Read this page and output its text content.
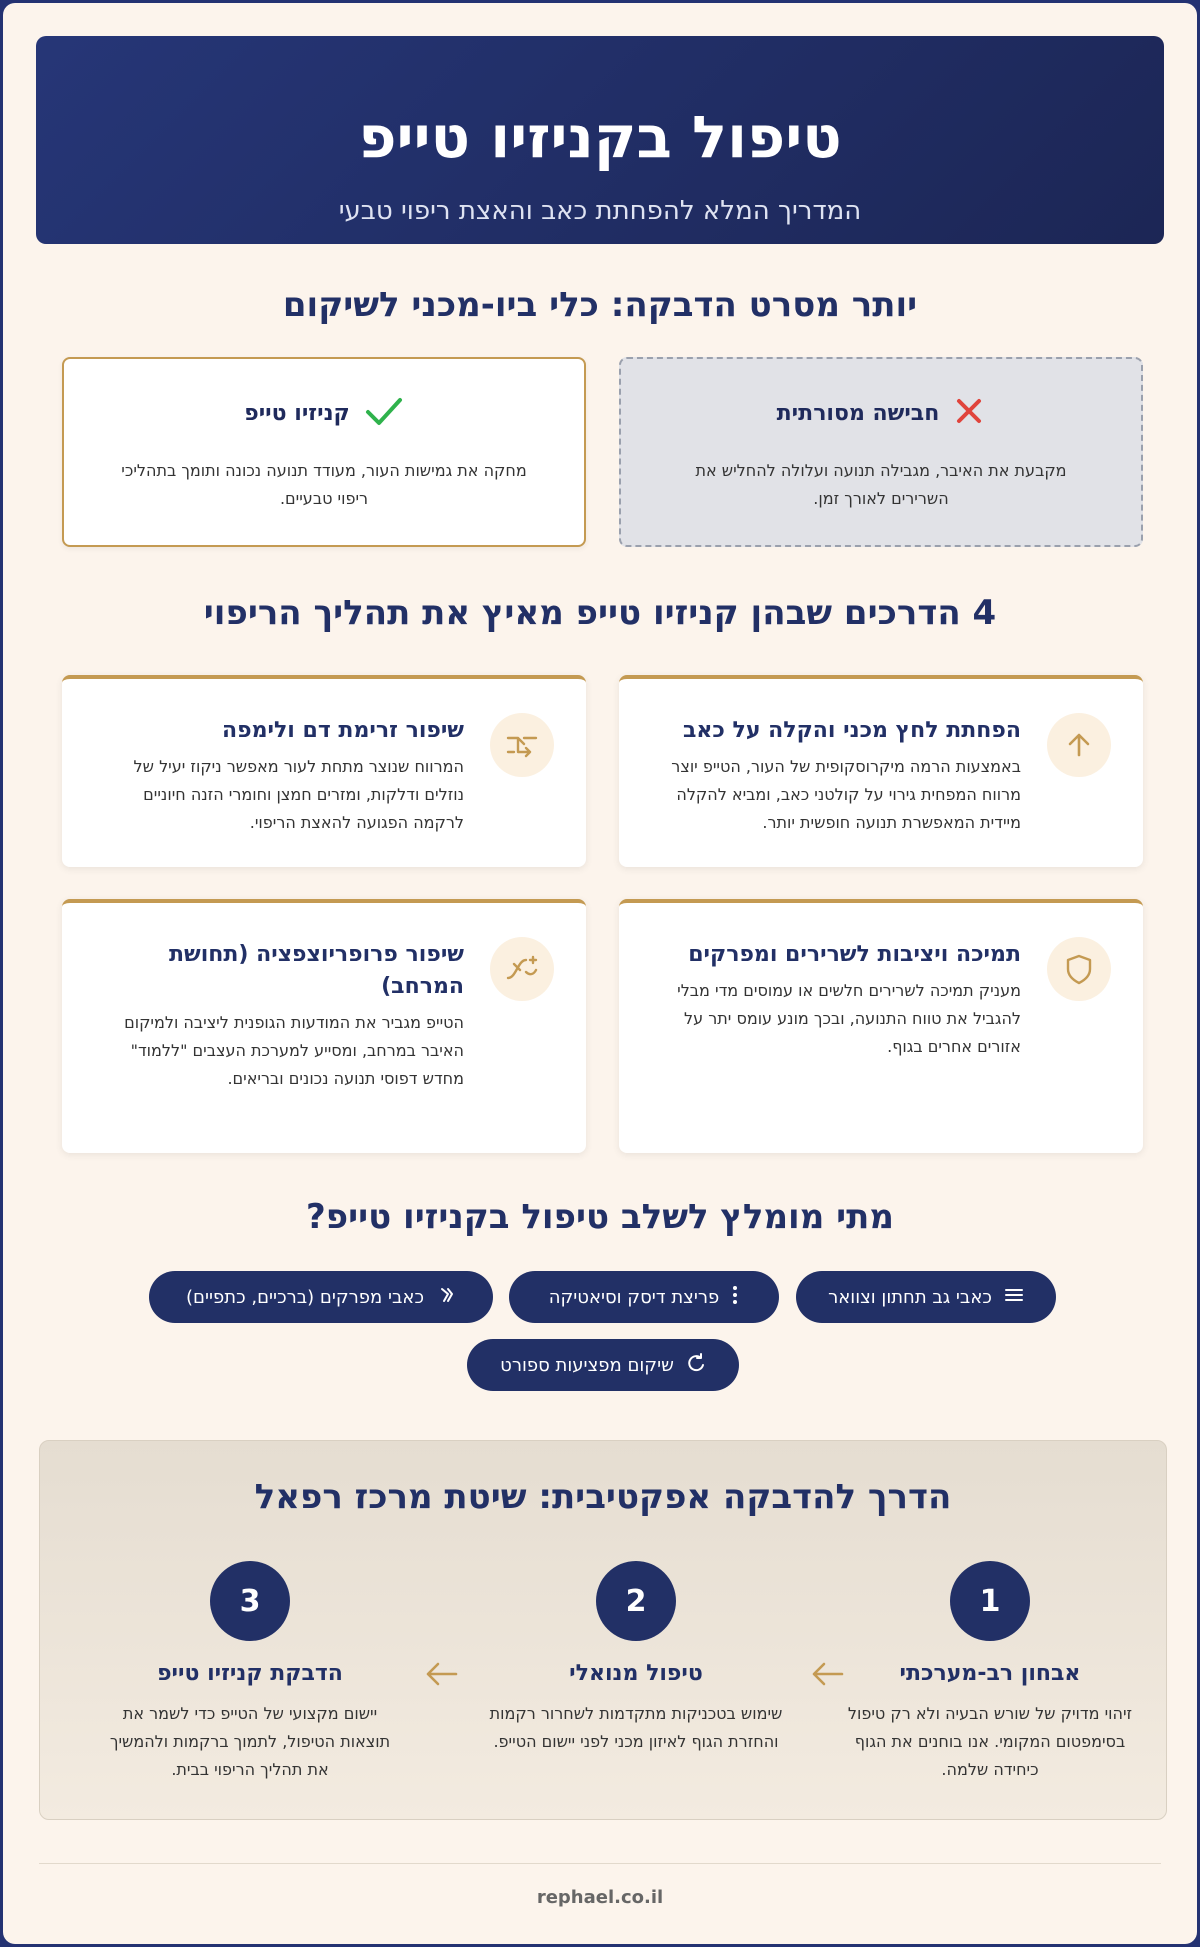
טיפול בקניזיו טייפ

המדריך המלא להפחתת כאב והאצת ריפוי טבעי

יותר מסרט הדבקה: כלי ביו-מכני לשיקום
חבישה מסורתית
מקבעת את האיבר, מגבילה תנועה ועלולה להחליש את השרירים לאורך זמן.
קניזיו טייפ
מחקה את גמישות העור, מעודד תנועה נכונה ותומך בתהליכי ריפוי טבעיים.
4 הדרכים שבהן קניזיו טייפ מאיץ את תהליך הריפוי
הפחתת לחץ מכני והקלה על כאב
באמצעות הרמה מיקרוסקופית של העור, הטייפ יוצר מרווח המפחית גירוי על קולטני כאב, ומביא להקלה מיידית המאפשרת תנועה חופשית יותר.
שיפור זרימת דם ולימפה
המרווח שנוצר מתחת לעור מאפשר ניקוז יעיל של נוזלים ודלקות, ומזרים חמצן וחומרי הזנה חיוניים לרקמה הפגועה להאצת הריפוי.
תמיכה ויציבות לשרירים ומפרקים
מעניק תמיכה לשרירים חלשים או עמוסים מדי מבלי להגביל את טווח התנועה, ובכך מונע עומס יתר על אזורים אחרים בגוף.
שיפור פרופריוצפציה (תחושת המרחב)
הטייפ מגביר את המודעות הגופנית ליציבה ולמיקום האיבר במרחב, ומסייע למערכת העצבים "ללמוד" מחדש דפוסי תנועה נכונים ובריאים.
מתי מומלץ לשלב טיפול בקניזיו טייפ?
כאבי גב תחתון וצוואר
פריצת דיסק וסיאטיקה
כאבי מפרקים (ברכיים, כתפיים)
שיקום מפציעות ספורט
הדרך להדבקה אפקטיבית: שיטת מרכז רפאל
1
אבחון רב-מערכתי
זיהוי מדויק של שורש הבעיה ולא רק טיפול בסימפטום המקומי. אנו בוחנים את הגוף כיחידה שלמה.
2
טיפול מנואלי
שימוש בטכניקות מתקדמות לשחרור רקמות והחזרת הגוף לאיזון מכני לפני יישום הטייפ.
3
הדבקת קניזיו טייפ
יישום מקצועי של הטייפ כדי לשמר את תוצאות הטיפול, לתמוך ברקמות ולהמשיך את תהליך הריפוי בבית.
rephael.co.il
